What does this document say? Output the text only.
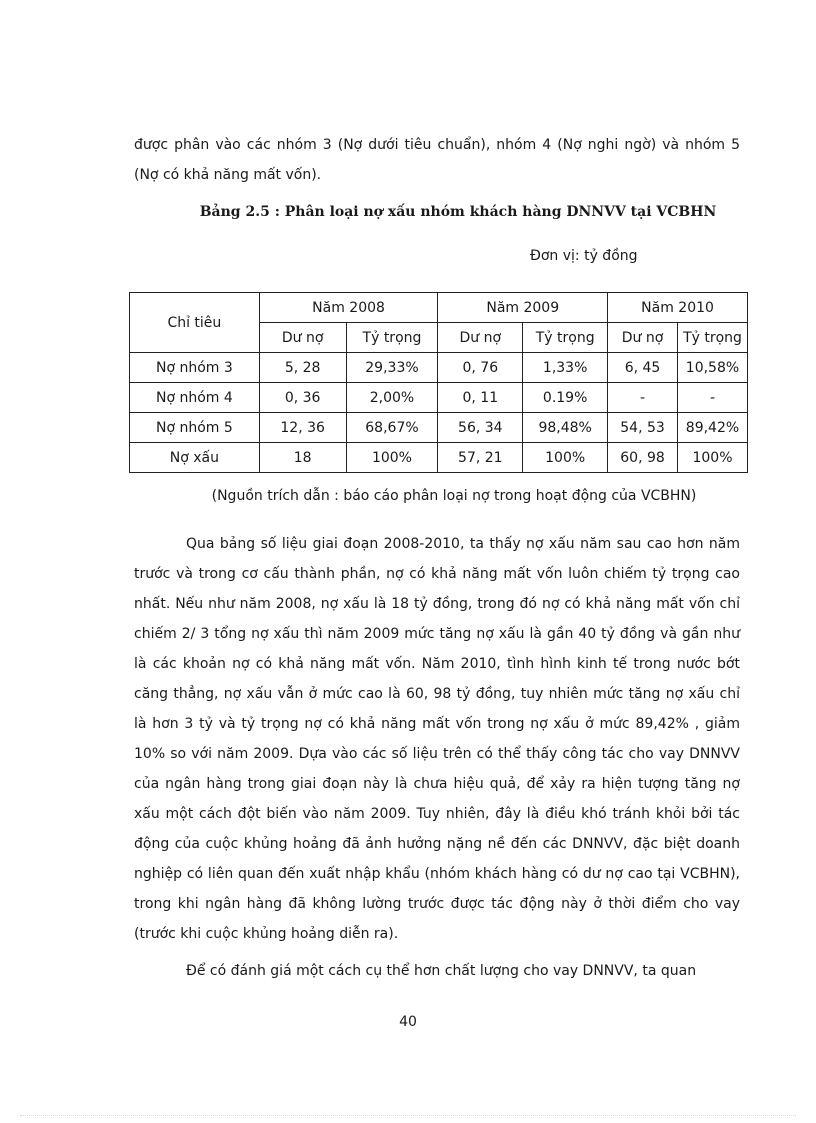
được phân vào các nhóm 3 (Nợ dưới tiêu chuẩn), nhóm 4 (Nợ nghi ngờ) và nhóm 5 (Nợ có khả năng mất vốn).

Bảng 2.5 : Phân loại nợ xấu nhóm khách hàng DNNVV tại VCBHN

Đơn vị: tỷ đồng

Chỉ tiêu	Năm 2008		Năm 2009		Năm 2010	
	Dư nợ	Tỷ trọng	Dư nợ	Tỷ trọng	Dư nợ	Tỷ trọng
Nợ nhóm 3	5, 28	29,33%	0, 76	1,33%	6, 45	10,58%
Nợ nhóm 4	0, 36	2,00%	0, 11	0.19%	-	-
Nợ nhóm 5	12, 36	68,67%	56, 34	98,48%	54, 53	89,42%
Nợ xấu	18	100%	57, 21	100%	60, 98	100%

(Nguồn trích dẫn : báo cáo phân loại nợ trong hoạt động của VCBHN)

Qua bảng số liệu giai đoạn 2008-2010, ta thấy nợ xấu năm sau cao hơn năm trước và trong cơ cấu thành phần, nợ có khả năng mất vốn luôn chiếm tỷ trọng cao nhất. Nếu như năm 2008, nợ xấu là 18 tỷ đồng, trong đó nợ có khả năng mất vốn chỉ chiếm 2/ 3 tổng nợ xấu thì năm 2009 mức tăng nợ xấu là gần 40 tỷ đồng và gần như là các khoản nợ có khả năng mất vốn. Năm 2010, tình hình kinh tế trong nước bớt căng thẳng, nợ xấu vẫn ở mức cao là 60, 98 tỷ đồng, tuy nhiên mức tăng nợ xấu chỉ là hơn 3 tỷ và tỷ trọng nợ có khả năng mất vốn trong nợ xấu ở mức 89,42% , giảm 10% so với năm 2009. Dựa vào các số liệu trên có thể thấy công tác cho vay DNNVV của ngân hàng trong giai đoạn này là chưa hiệu quả, để xảy ra hiện tượng tăng nợ xấu một cách đột biến vào năm 2009. Tuy nhiên, đây là điều khó tránh khỏi bởi tác động của cuộc khủng hoảng đã ảnh hưởng nặng nề đến các DNNVV, đặc biệt doanh nghiệp có liên quan đến xuất nhập khẩu (nhóm khách hàng có dư nợ cao tại VCBHN), trong khi ngân hàng đã không lường trước được tác động này ở thời điểm cho vay (trước khi cuộc khủng hoảng diễn ra).

Để có đánh giá một cách cụ thể hơn chất lượng cho vay DNNVV, ta quan

40
